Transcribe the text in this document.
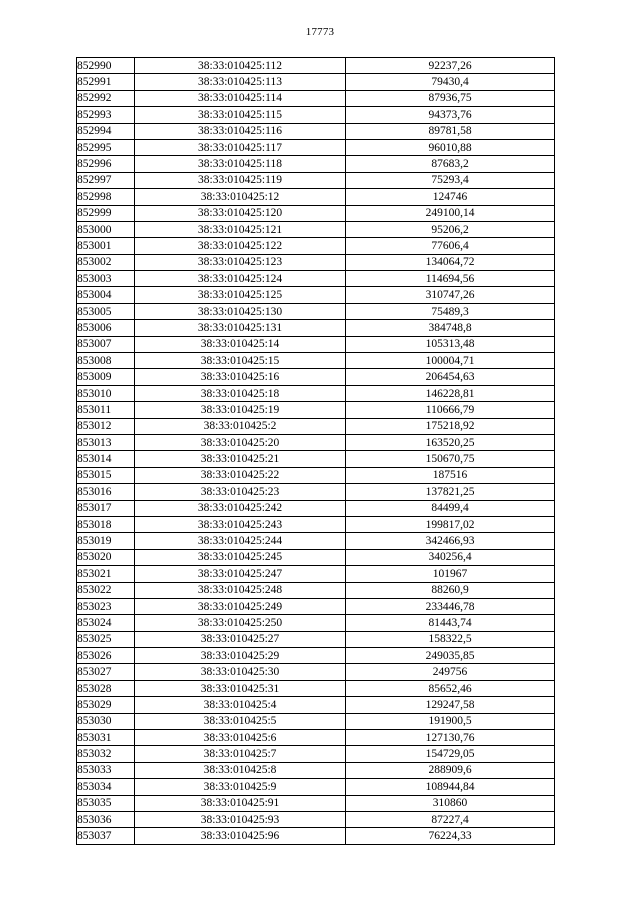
17773
852990	38:33:010425:112	92237,26
852991	38:33:010425:113	79430,4
852992	38:33:010425:114	87936,75
852993	38:33:010425:115	94373,76
852994	38:33:010425:116	89781,58
852995	38:33:010425:117	96010,88
852996	38:33:010425:118	87683,2
852997	38:33:010425:119	75293,4
852998	38:33:010425:12	124746
852999	38:33:010425:120	249100,14
853000	38:33:010425:121	95206,2
853001	38:33:010425:122	77606,4
853002	38:33:010425:123	134064,72
853003	38:33:010425:124	114694,56
853004	38:33:010425:125	310747,26
853005	38:33:010425:130	75489,3
853006	38:33:010425:131	384748,8
853007	38:33:010425:14	105313,48
853008	38:33:010425:15	100004,71
853009	38:33:010425:16	206454,63
853010	38:33:010425:18	146228,81
853011	38:33:010425:19	110666,79
853012	38:33:010425:2	175218,92
853013	38:33:010425:20	163520,25
853014	38:33:010425:21	150670,75
853015	38:33:010425:22	187516
853016	38:33:010425:23	137821,25
853017	38:33:010425:242	84499,4
853018	38:33:010425:243	199817,02
853019	38:33:010425:244	342466,93
853020	38:33:010425:245	340256,4
853021	38:33:010425:247	101967
853022	38:33:010425:248	88260,9
853023	38:33:010425:249	233446,78
853024	38:33:010425:250	81443,74
853025	38:33:010425:27	158322,5
853026	38:33:010425:29	249035,85
853027	38:33:010425:30	249756
853028	38:33:010425:31	85652,46
853029	38:33:010425:4	129247,58
853030	38:33:010425:5	191900,5
853031	38:33:010425:6	127130,76
853032	38:33:010425:7	154729,05
853033	38:33:010425:8	288909,6
853034	38:33:010425:9	108944,84
853035	38:33:010425:91	310860
853036	38:33:010425:93	87227,4
853037	38:33:010425:96	76224,33
